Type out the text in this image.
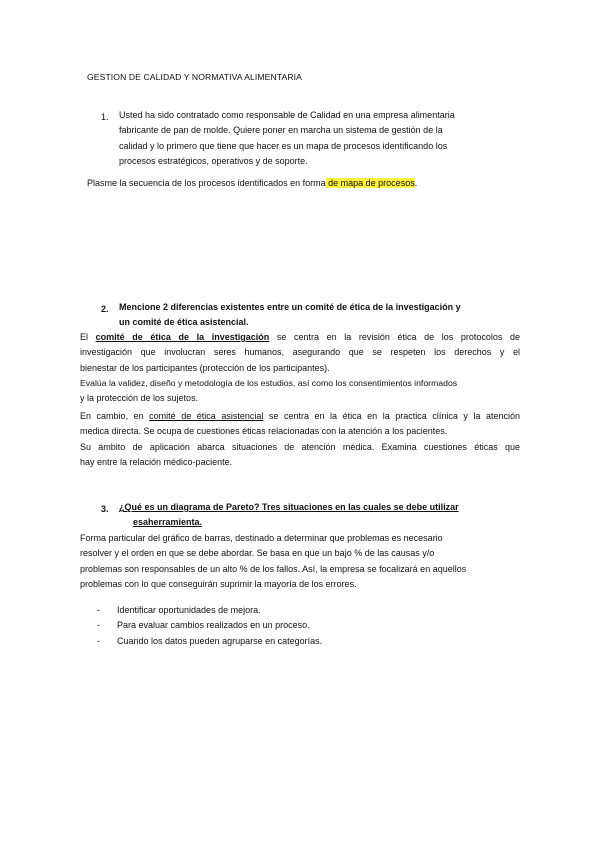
GESTION DE CALIDAD Y NORMATIVA ALIMENTARIA
1. Usted ha sido contratado como responsable de Calidad en una empresa alimentaria
fabricante de pan de molde. Quiere poner en marcha un sistema de gestión de la
calidad y lo primero que tiene que hacer es un mapa de procesos identificando los
procesos estratégicos, operativos y de soporte.
Plasme la secuencia de los procesos identificados en forma de mapa de procesos.
2. Mencione 2 diferencias existentes entre un comité de ética de la investigación y
un comité de ética asistencial.
El comité de ética de la investigación se centra en la revisión ética de los protocolos de
investigación que involucran seres humanos, asegurando que se respeten los derechos y el
bienestar de los participantes (protección de los participantes).
Evalúa la validez, diseño y metodología de los estudios, así como los consentimientos informados
y la protección de los sujetos.
En cambio, en comité de ética asistencial se centra en la ética en la practica clínica y la atención
medica directa. Se ocupa de cuestiones éticas relacionadas con la atención a los pacientes.
Su ámbito de aplicación abarca situaciones de atención médica. Examina cuestiones éticas que
hay entre la relación médico-paciente.
3. ¿Qué es un diagrama de Pareto? Tres situaciones en las cuales se debe utilizar
esaherramienta.
Forma particular del gráfico de barras, destinado a determinar que problemas es necesario
resolver y el orden en que se debe abordar. Se basa en que un bajo % de las causas y/o
problemas son responsables de un alto % de los fallos. Así, la empresa se focalizará en aquellos
problemas con lo que conseguirán suprimir la mayoría de los errores.
-	Identificar oportunidades de mejora.
-	Para evaluar cambios realizados en un proceso.
-	Cuando los datos pueden agruparse en categorías.
